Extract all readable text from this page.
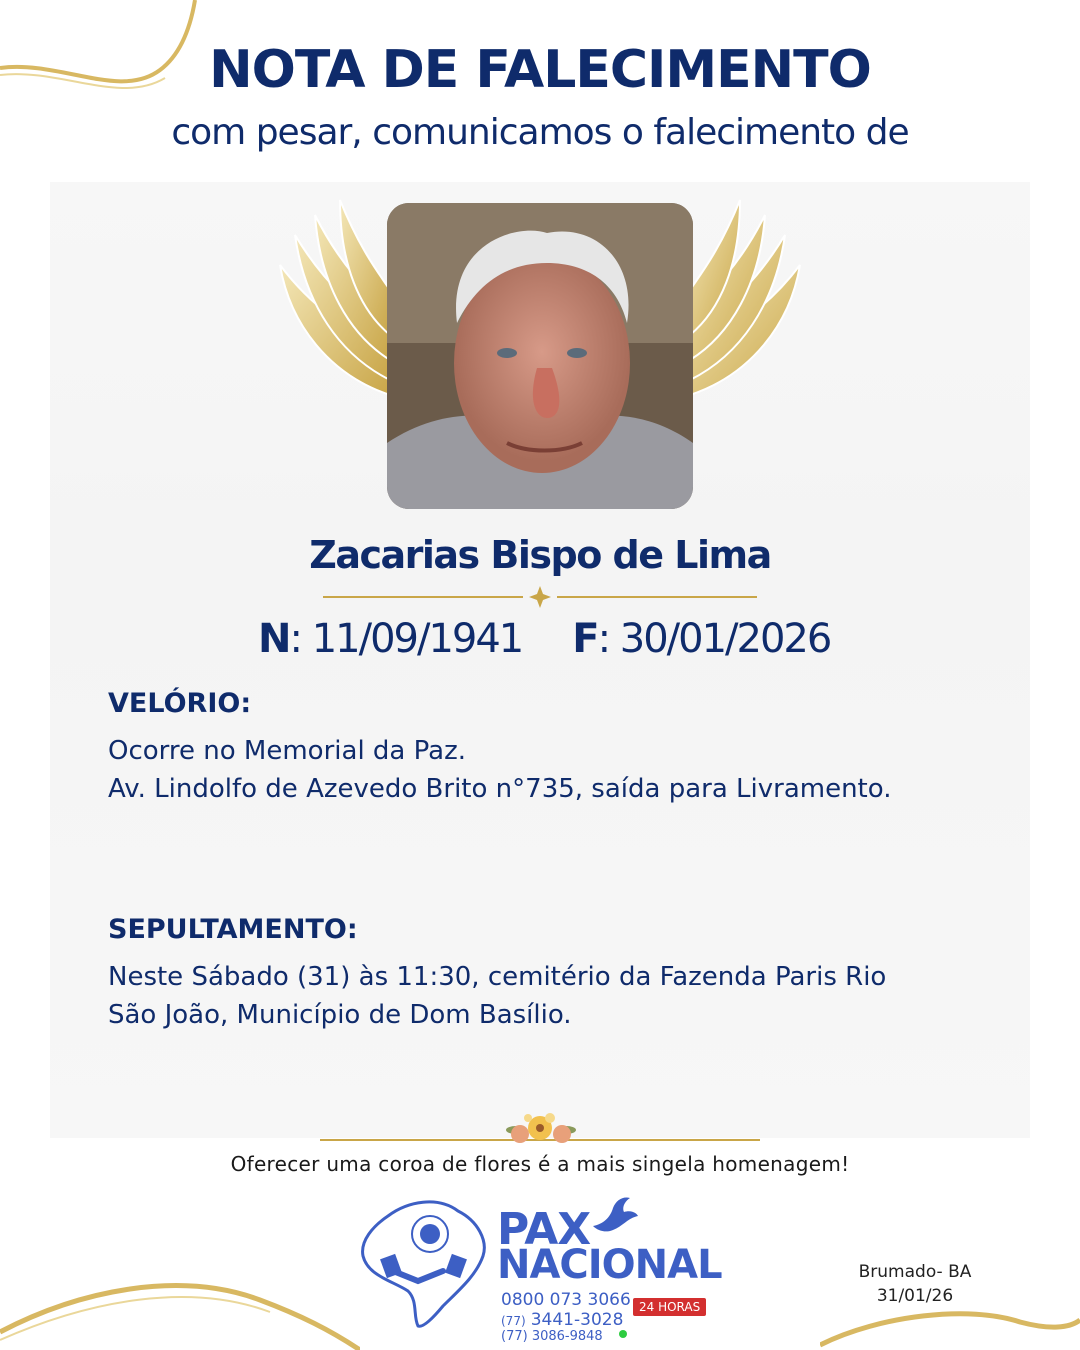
NOTA DE FALECIMENTO
com pesar, comunicamos o falecimento de
Zacarias Bispo de Lima
N: 11/09/1941 F: 30/01/2026
VELÓRIO:
Ocorre no Memorial da Paz.
Av. Lindolfo de Azevedo Brito n°735, saída para Livramento.
SEPULTAMENTO:
Neste Sábado (31) às 11:30, cemitério da Fazenda Paris Rio
São João, Município de Dom Basílio.
Oferecer uma coroa de flores é a mais singela homenagem!
PAX
NACIONAL
0800 073 3066
(77) 3441-3028
(77) 3086-9848
24 HORAS
Brumado- BA
31/01/26
